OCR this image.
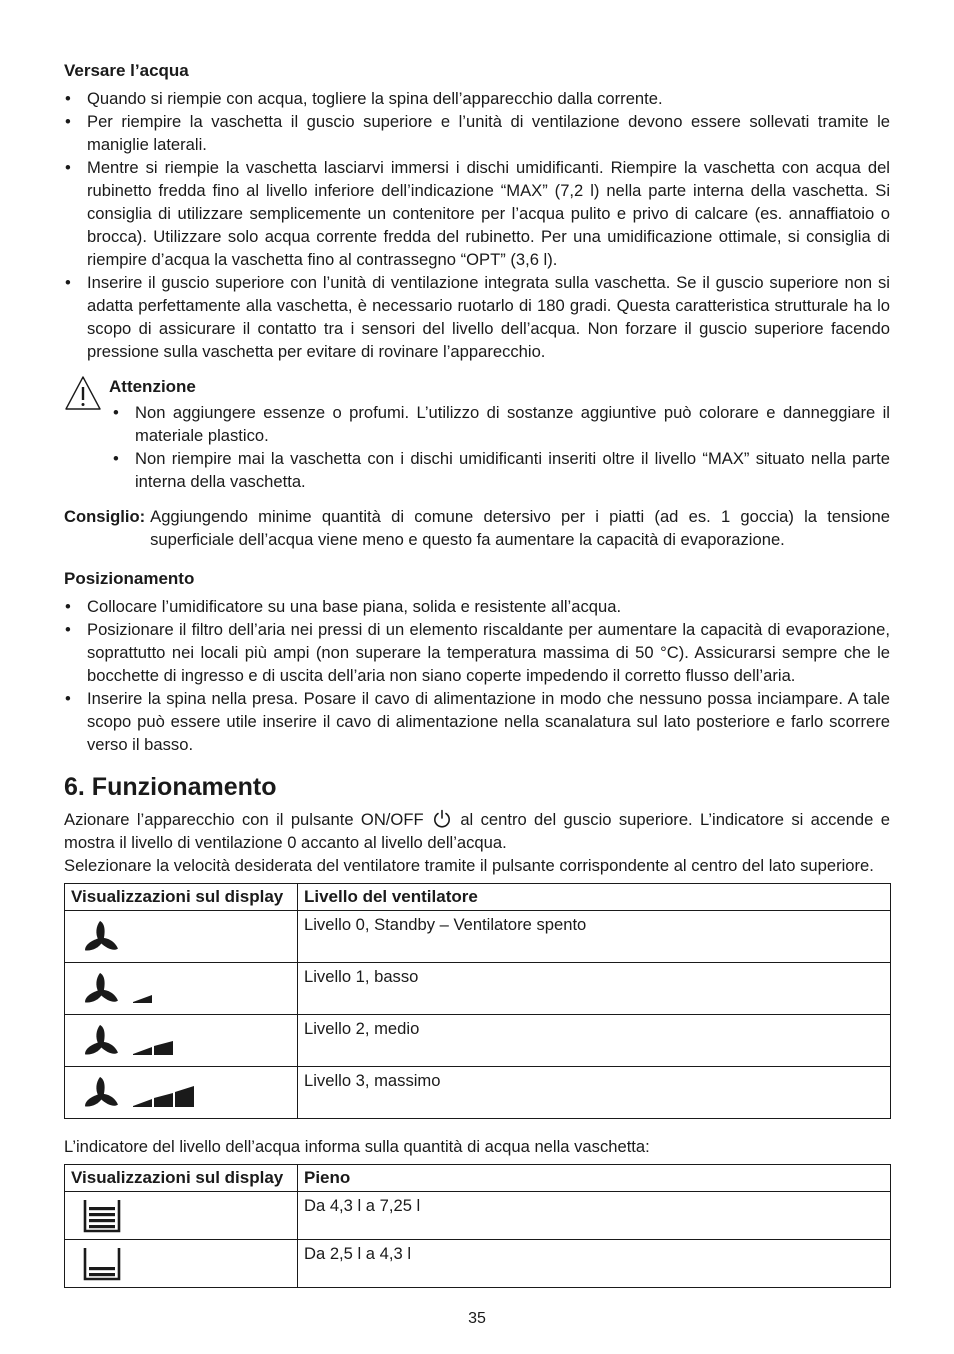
Versare l’acqua
• Quando si riempie con acqua, togliere la spina dell’apparecchio dalla corrente.
• Per riempire la vaschetta il guscio superiore e l’unità di ventilazione devono essere sollevati tramite le maniglie laterali.
• Mentre si riempie la vaschetta lasciarvi immersi i dischi umidificanti. Riempire la vaschetta con acqua del rubinetto fredda fino al livello inferiore dell’indicazione “MAX” (7,2 l) nella parte interna della vaschetta. Si consiglia di utilizzare semplicemente un contenitore per l’acqua pulito e privo di calcare (es. annaffiatoio o brocca). Utilizzare solo acqua corrente fredda del rubinetto. Per una umidificazione ottimale, si consiglia di riempire d’acqua la vaschetta fino al contrassegno “OPT” (3,6 l).
• Inserire il guscio superiore con l’unità di ventilazione integrata sulla vaschetta. Se il guscio superiore non si adatta perfettamente alla vaschetta, è necessario ruotarlo di 180 gradi. Questa caratteristica strutturale ha lo scopo di assicurare il contatto tra i sensori del livello dell’acqua. Non forzare il guscio superiore facendo pressione sulla vaschetta per evitare di rovinare l’apparecchio.
Attenzione
• Non aggiungere essenze o profumi. L’utilizzo di sostanze aggiuntive può colorare e danneggiare il materiale plastico.
• Non riempire mai la vaschetta con i dischi umidificanti inseriti oltre il livello “MAX” situato nella parte interna della vaschetta.
Consiglio: Aggiungendo minime quantità di comune detersivo per i piatti (ad es. 1 goccia) la tensione superficiale dell’acqua viene meno e questo fa aumentare la capacità di evaporazione.
Posizionamento
• Collocare l’umidificatore su una base piana, solida e resistente all’acqua.
• Posizionare il filtro dell’aria nei pressi di un elemento riscaldante per aumentare la capacità di evaporazione, soprattutto nei locali più ampi (non superare la temperatura massima di 50 °C). Assicurarsi sempre che le bocchette di ingresso e di uscita dell’aria non siano coperte impedendo il corretto flusso dell’aria.
• Inserire la spina nella presa. Posare il cavo di alimentazione in modo che nessuno possa inciampare. A tale scopo può essere utile inserire il cavo di alimentazione nella scanalatura sul lato posteriore e farlo scorrere verso il basso.
6. Funzionamento

Azionare l’apparecchio con il pulsante ON/OFF al centro del guscio superiore. L’indicatore si accende e mostra il livello di ventilazione 0 accanto al livello dell’acqua.

Selezionare la velocità desiderata del ventilatore tramite il pulsante corrispondente al centro del lato superiore.

Visualizzazioni sul display	Livello del ventilatore

	Livello 0, Standby – Ventilatore spento

	Livello 1, basso

	Livello 2, medio

	Livello 3, massimo

L’indicatore del livello dell’acqua informa sulla quantità di acqua nella vaschetta:

Visualizzazioni sul display	Pieno

	Da 4,3 l a 7,25 l

	Da 2,5 l a 4,3 l
35
